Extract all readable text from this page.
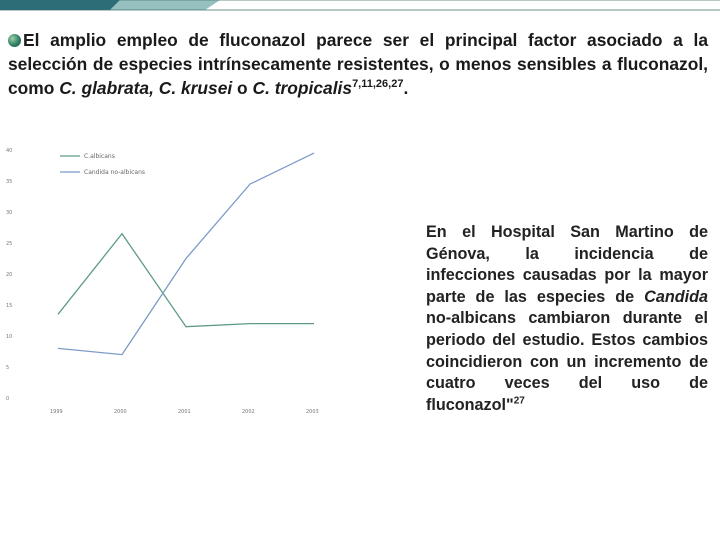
El amplio empleo de fluconazol parece ser el principal factor asociado a la selección de especies intrínsecamente resistentes, o menos sensibles a fluconazol, como C. glabrata, C. krusei o C. tropicalis$^{7,11,26,27}$.
0
5
10
15
20
25
30
35
40
1999	2000	2001	2002	2003
C.albicans
Candida no-albicans
En el Hospital San Martino de Génova, la incidencia de infecciones causadas por la mayor parte de las especies de Candida no-albicans cambiaron durante el periodo del estudio. Estos cambios coincidieron con un incremento de cuatro veces del uso de fluconazol"$^{27}$
